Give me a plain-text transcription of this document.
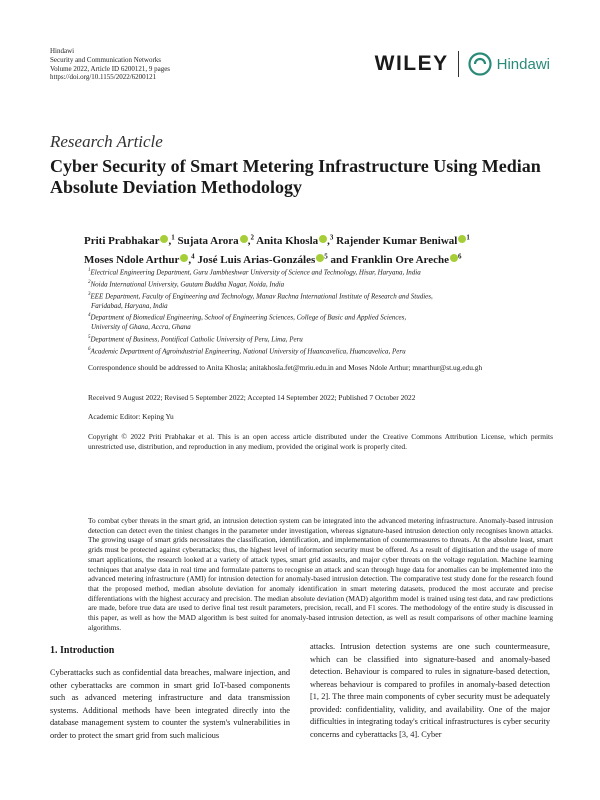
Hindawi
Security and Communication Networks
Volume 2022, Article ID 6200121, 9 pages
https://doi.org/10.1155/2022/6200121
WILEY	Hindawi
Research Article
Cyber Security of Smart Metering Infrastructure Using Median Absolute Deviation Methodology
Priti Prabhakar ,$^1$ Sujata Arora ,$^2$ Anita Khosla ,$^3$ Rajender Kumar Beniwal $^1$
Moses Ndole Arthur ,$^4$ José Luis Arias-Gonzáles $^5$ and Franklin Ore Areche $^6$
$^1$Electrical Engineering Department, Guru Jambheshwar University of Science and Technology, Hisar, Haryana, India
$^2$Noida International University, Gautam Buddha Nagar, Noida, India
$^3$EEE Department, Faculty of Engineering and Technology, Manav Rachna International Institute of Research and Studies,
Faridabad, Haryana, India
$^4$Department of Biomedical Engineering, School of Engineering Sciences, College of Basic and Applied Sciences,
University of Ghana, Accra, Ghana
$^5$Department of Business, Pontifical Catholic University of Peru, Lima, Peru
$^6$Academic Department of Agroindustrial Engineering, National University of Huancavelica, Huancavelica, Peru
Correspondence should be addressed to Anita Khosla; anitakhosla.fet@mriu.edu.in and Moses Ndole Arthur; mnarthur@st.ug.edu.gh
Received 9 August 2022; Revised 5 September 2022; Accepted 14 September 2022; Published 7 October 2022
Academic Editor: Keping Yu
Copyright © 2022 Priti Prabhakar et al. This is an open access article distributed under the Creative Commons Attribution License, which permits unrestricted use, distribution, and reproduction in any medium, provided the original work is properly cited.

To combat cyber threats in the smart grid, an intrusion detection system can be integrated into the advanced metering infrastructure. Anomaly-based intrusion detection can detect even the tiniest changes in the parameter under investigation, whereas signature-based intrusion detection only recognises known attacks. The growing usage of smart grids necessitates the classification, identification, and implementation of countermeasures to threats. At the absolute least, smart grids must be protected against cyberattacks; thus, the highest level of information security must be offered. As a result of digitisation and the usage of more smart applications, the research looked at a variety of attack types, smart grid assaults, and major cyber threats on the voltage regulation. Machine learning techniques that analyse data in real time and formulate patterns to recognise an attack and scan through huge data for anomalies can be implemented into the advanced metering infrastructure (AMI) for intrusion detection for anomaly-based intrusion detection. The comparative test study done for the research found that the proposed method, median absolute deviation for anomaly identification in smart metering datasets, produced the most accurate and precise differentiations with the highest accuracy and precision. The median absolute deviation (MAD) algorithm model is trained using test data, and raw predictions are made, before true data are used to derive final test result parameters, precision, recall, and F1 scores. The methodology of the entire study is discussed in this paper, as well as how the MAD algorithm is best suited for anomaly-based intrusion detection, as well as result comparisons of other machine learning algorithms.

1. Introduction

Cyberattacks such as confidential data breaches, malware injection, and other cyberattacks are common in smart grid IoT-based components such as advanced metering infrastructure and data transmission systems. Additional methods have been integrated directly into the database management system to counter the system's vulnerabilities in order to protect the smart grid from such malicious

attacks. Intrusion detection systems are one such countermeasure, which can be classified into signature-based and anomaly-based detection. Behaviour is compared to rules in signature-based detection, whereas behaviour is compared to profiles in anomaly-based detection [1, 2]. The three main components of cyber security must be adequately provided: confidentiality, validity, and availability. One of the major difficulties in integrating today's critical infrastructures is cyber security concerns and cyberattacks [3, 4]. Cyber
